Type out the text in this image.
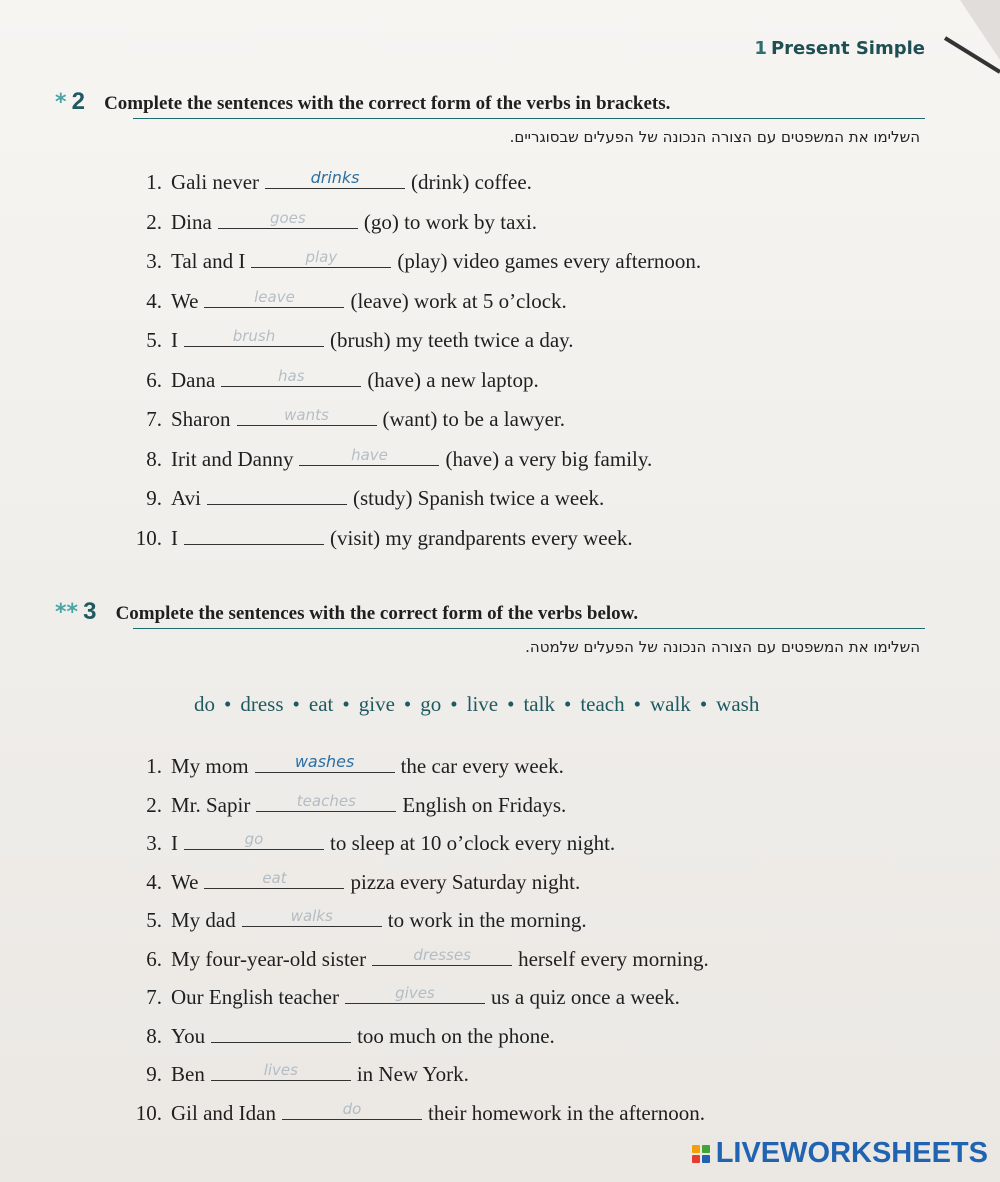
1 Present Simple
* 2 Complete the sentences with the correct form of the verbs in brackets.
השלימו את המשפטים עם הצורה הנכונה של הפעלים שבסוגריים.
1. Gali never	drinks	(drink) coffee.
2. Dina	goes	(go) to work by taxi.
3. Tal and I	play	(play) video games every afternoon.
4. We	leave	(leave) work at 5 o’clock.
5. I	brush	(brush) my teeth twice a day.
6. Dana	has	(have) a new laptop.
7. Sharon	wants	(want) to be a lawyer.
8. Irit and Danny	have	(have) a very big family.
9. Avi	(study) Spanish twice a week.
10. I	(visit) my grandparents every week.
** 3 Complete the sentences with the correct form of the verbs below.
השלימו את המשפטים עם הצורה הנכונה של הפעלים שלמטה.
do • dress • eat • give • go • live • talk • teach • walk • wash
1. My mom	washes	the car every week.
2. Mr. Sapir	teaches	English on Fridays.
3. I	go	to sleep at 10 o’clock every night.
4. We	eat	pizza every Saturday night.
5. My dad	walks	to work in the morning.
6. My four-year-old sister	dresses	herself every morning.
7. Our English teacher	gives	us a quiz once a week.
8. You	too much on the phone.
9. Ben	lives	in New York.
10. Gil and Idan	do	their homework in the afternoon.
LIVEWORKSHEETS
